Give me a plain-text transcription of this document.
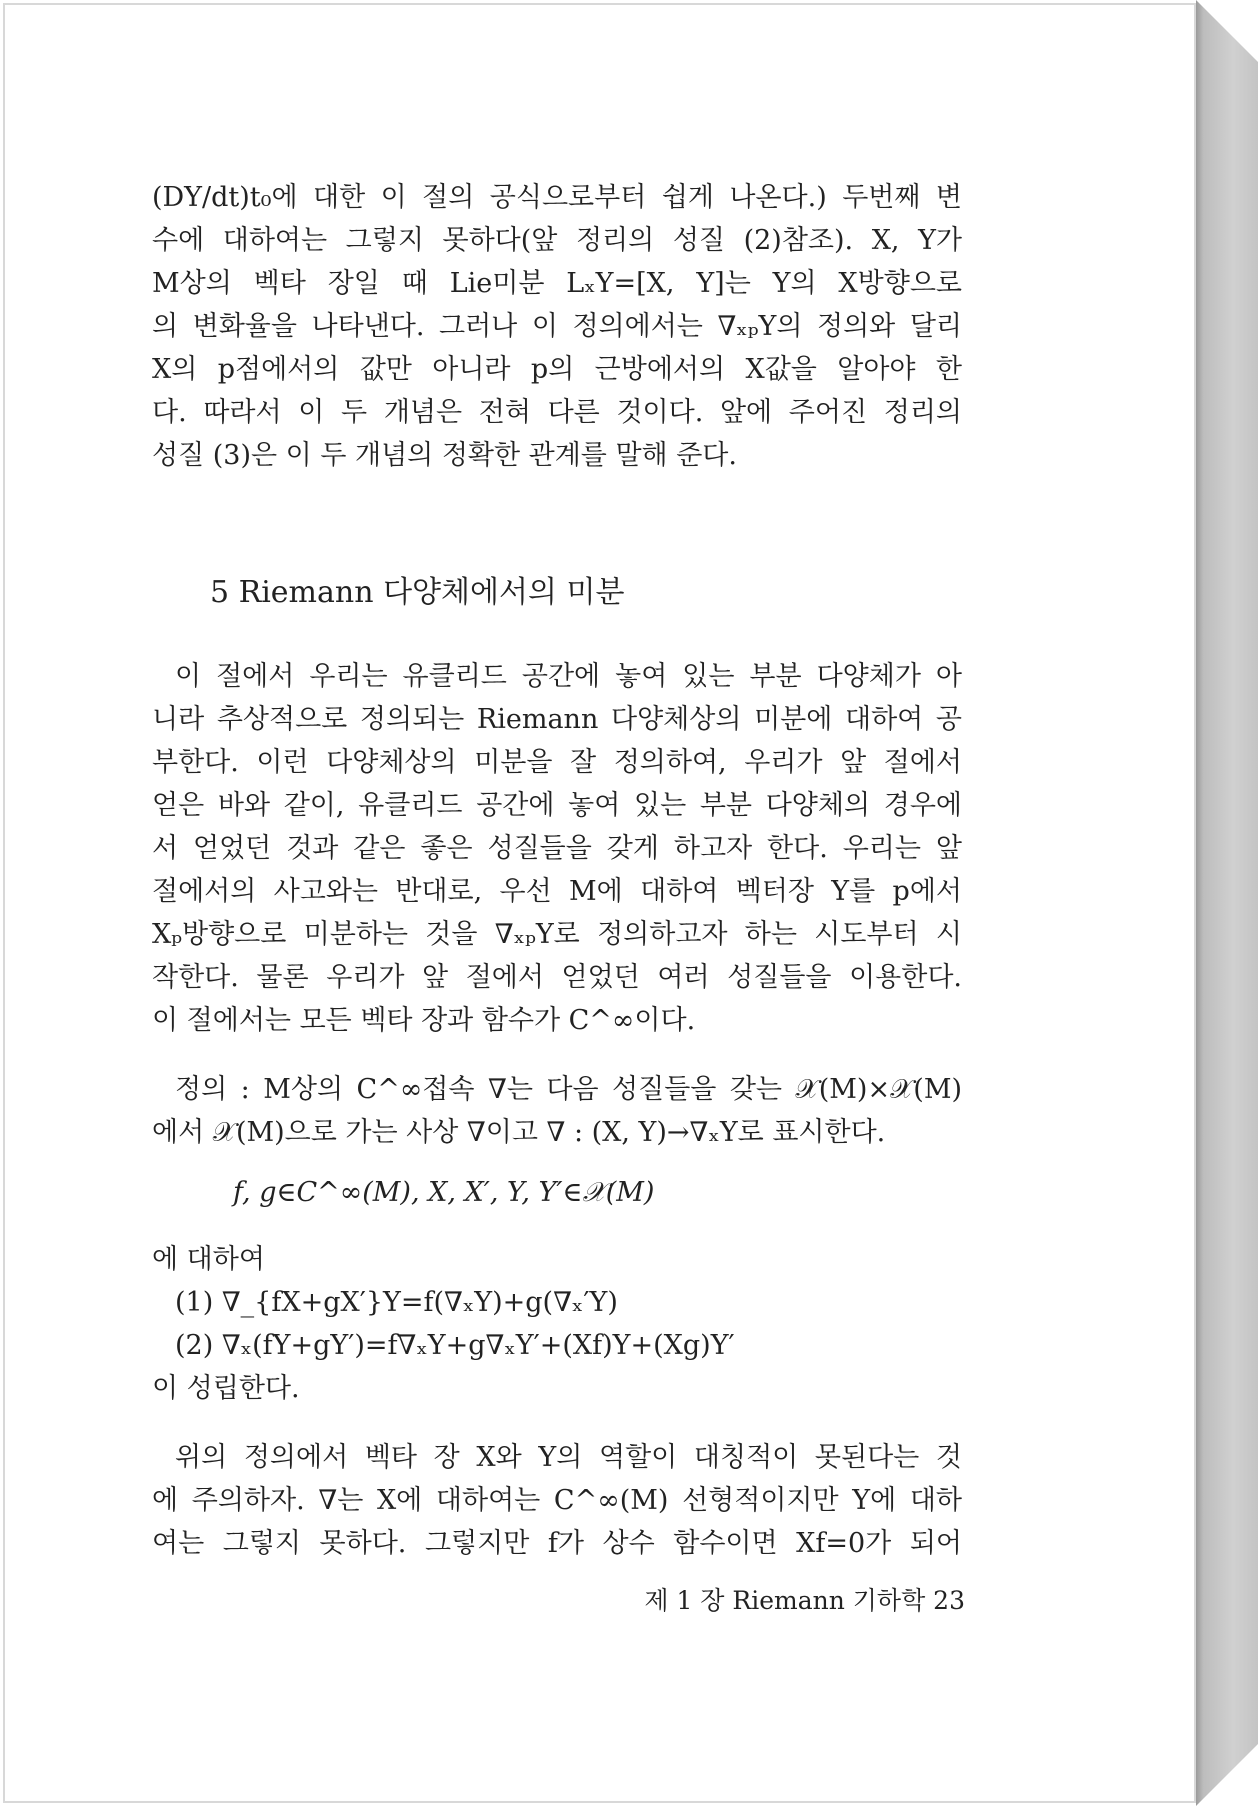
(DY/dt)t₀에 대한 이 절의 공식으로부터 쉽게 나온다.) 두번째 변
수에 대하여는 그렇지 못하다(앞 정리의 성질 (2)참조). X, Y가
M상의 벡타 장일 때 Lie미분 LₓY=[X, Y]는 Y의 X방향으로
의 변화율을 나타낸다. 그러나 이 정의에서는 ∇ₓₚY의 정의와 달리
X의 p점에서의 값만 아니라 p의 근방에서의 X값을 알아야 한
다. 따라서 이 두 개념은 전혀 다른 것이다. 앞에 주어진 정리의
성질 (3)은 이 두 개념의 정확한 관계를 말해 준다.
5 Riemann 다양체에서의 미분
이 절에서 우리는 유클리드 공간에 놓여 있는 부분 다양체가 아
니라 추상적으로 정의되는 Riemann 다양체상의 미분에 대하여 공
부한다. 이런 다양체상의 미분을 잘 정의하여, 우리가 앞 절에서
얻은 바와 같이, 유클리드 공간에 놓여 있는 부분 다양체의 경우에
서 얻었던 것과 같은 좋은 성질들을 갖게 하고자 한다. 우리는 앞
절에서의 사고와는 반대로, 우선 M에 대하여 벡터장 Y를 p에서
Xₚ방향으로 미분하는 것을 ∇ₓₚY로 정의하고자 하는 시도부터 시
작한다. 물론 우리가 앞 절에서 얻었던 여러 성질들을 이용한다.
이 절에서는 모든 벡타 장과 함수가 C^∞이다.
정의 : M상의 C^∞접속 ∇는 다음 성질들을 갖는 𝒳(M)×𝒳(M)
에서 𝒳(M)으로 가는 사상 ∇이고 ∇ : (X, Y)→∇ₓY로 표시한다.
f, g∈C^∞(M), X, X′, Y, Y′∈𝒳(M)
에 대하여
(1) ∇_{fX+gX′}Y=f(∇ₓY)+g(∇ₓ′Y)
(2) ∇ₓ(fY+gY′)=f∇ₓY+g∇ₓY′+(Xf)Y+(Xg)Y′
이 성립한다.
위의 정의에서 벡타 장 X와 Y의 역할이 대칭적이 못된다는 것
에 주의하자. ∇는 X에 대하여는 C^∞(M) 선형적이지만 Y에 대하
여는 그렇지 못하다. 그렇지만 f가 상수 함수이면 Xf=0가 되어
제 1 장 Riemann 기하학 23
